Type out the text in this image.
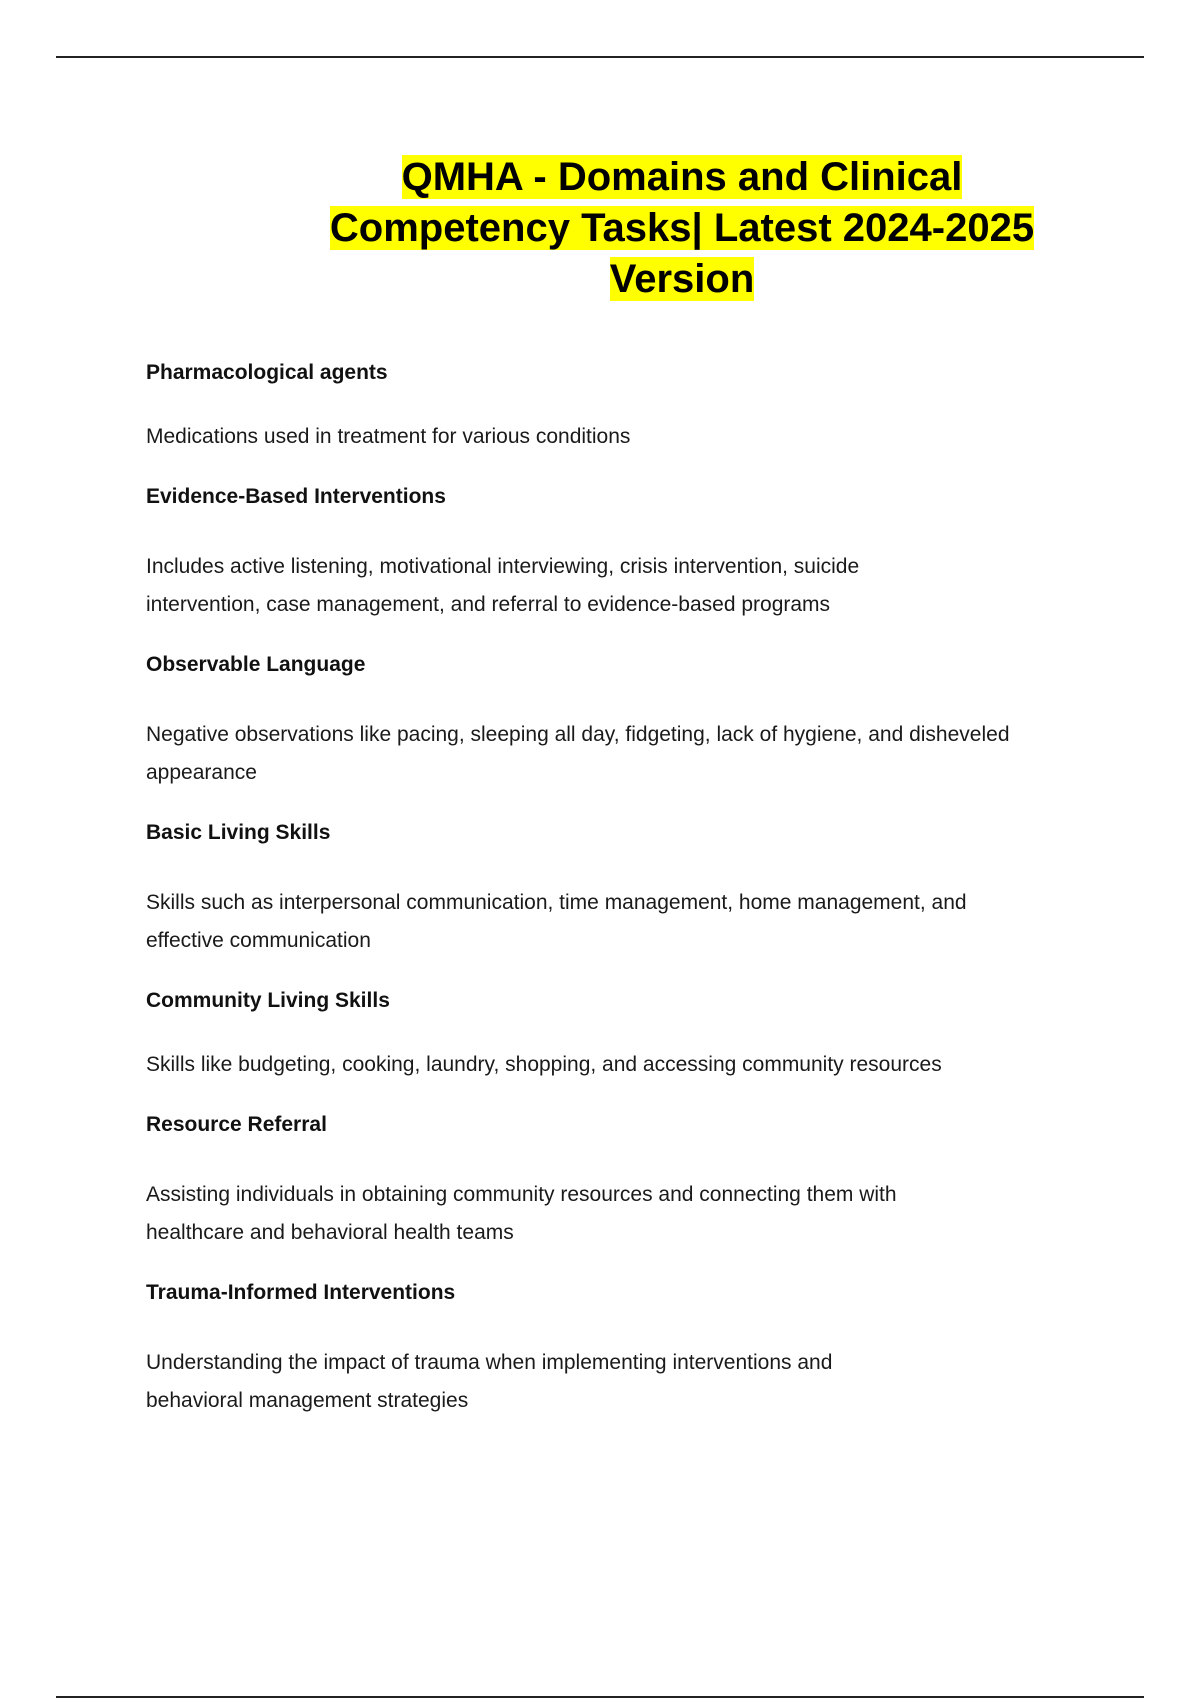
QMHA - Domains and Clinical Competency Tasks| Latest 2024-2025 Version

Pharmacological agents

Medications used in treatment for various conditions

Evidence-Based Interventions

Includes active listening, motivational interviewing, crisis intervention, suicide intervention, case management, and referral to evidence-based programs

Observable Language

Negative observations like pacing, sleeping all day, fidgeting, lack of hygiene, and disheveled appearance

Basic Living Skills

Skills such as interpersonal communication, time management, home management, and effective communication

Community Living Skills

Skills like budgeting, cooking, laundry, shopping, and accessing community resources

Resource Referral

Assisting individuals in obtaining community resources and connecting them with healthcare and behavioral health teams

Trauma-Informed Interventions

Understanding the impact of trauma when implementing interventions and behavioral management strategies
